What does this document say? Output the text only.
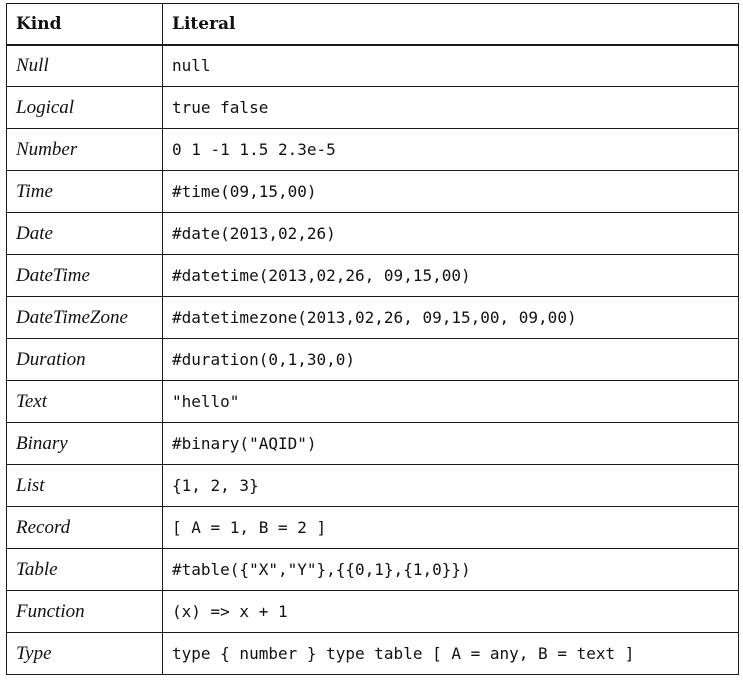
Kind	Literal
Null	null
Logical	true false
Number	0 1 -1 1.5 2.3e-5
Time	#time(09,15,00)
Date	#date(2013,02,26)
DateTime	#datetime(2013,02,26, 09,15,00)
DateTimeZone	#datetimezone(2013,02,26, 09,15,00, 09,00)
Duration	#duration(0,1,30,0)
Text	"hello"
Binary	#binary("AQID")
List	{1, 2, 3}
Record	[ A = 1, B = 2 ]
Table	#table({"X","Y"},{{0,1},{1,0}})
Function	(x) => x + 1
Type	type { number } type table [ A = any, B = text ]
